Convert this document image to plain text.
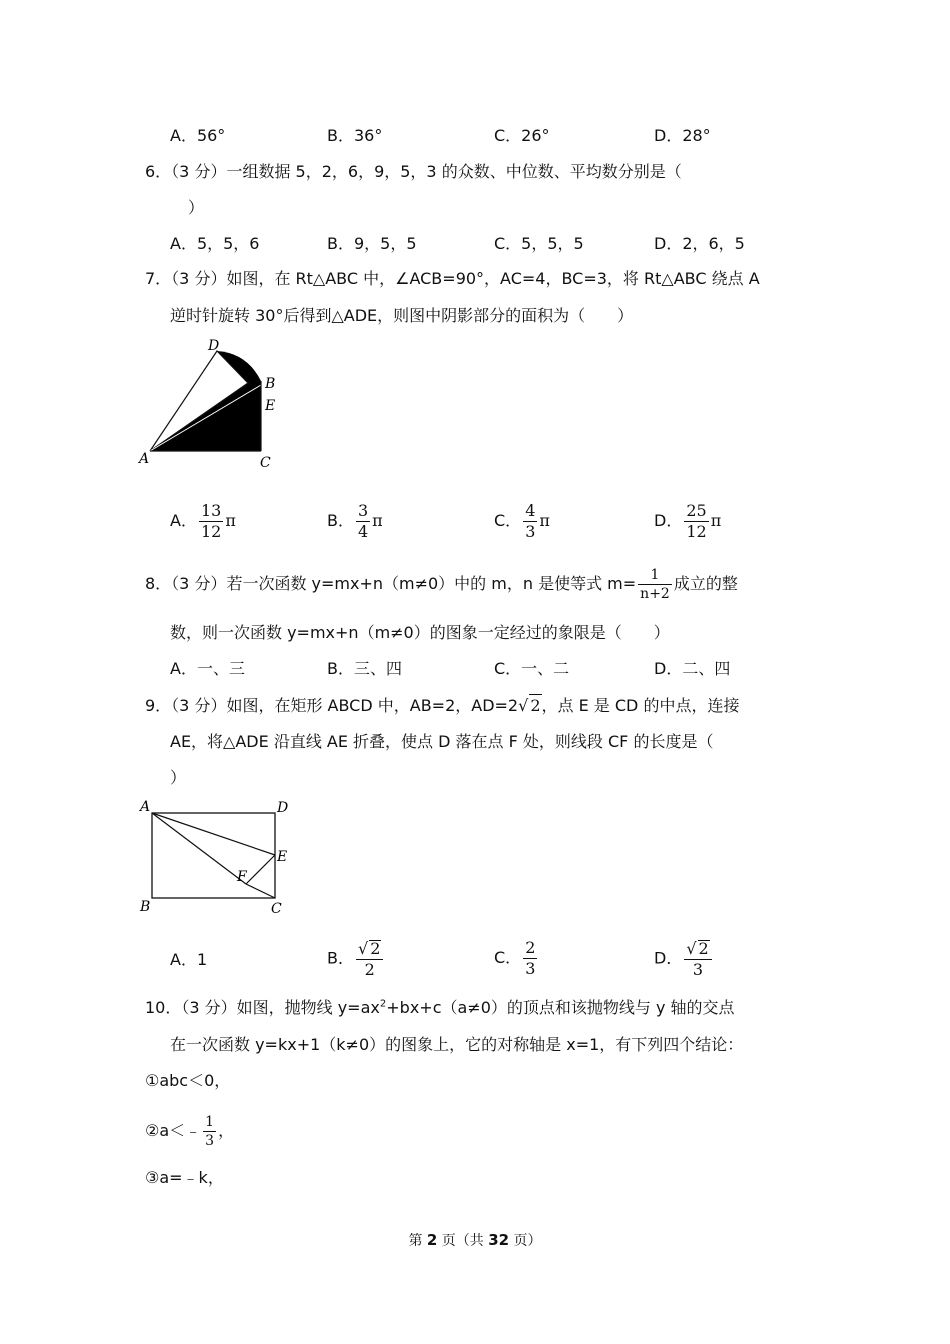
A．56°	B．36°	C．26°	D．28°
6．（3 分）一组数据 5，2，6，9，5，3 的众数、中位数、平均数分别是（
）
A．5，5，6	B．9，5，5	C．5，5，5	D．2，6，5
7．（3 分）如图，在 Rt△ABC 中，∠ACB=90°，AC=4，BC=3，将 Rt△ABC 绕点 A
逆时针旋转 30°后得到△ADE，则图中阴影部分的面积为（　　）
D
B
E
A	C
A． $\frac{13}{12}$ π	B． $\frac{3}{4}$ π	C． $\frac{4}{3}$ π	D． $\frac{25}{12}$ π
8．（3 分）若一次函数 y=mx+n（m≠0）中的 m，n 是使等式 $m= \frac{1}{n+2}$ 成立的整
数，则一次函数 y=mx+n（m≠0）的图象一定经过的象限是（　　）
A．一、三	B．三、四	C．一、二	D．二、四
9．（3 分）如图，在矩形 ABCD 中，AB=2，AD=2√ 2，点 E 是 CD 的中点，连接
AE，将△ADE 沿直线 AE 折叠，使点 D 落在点 F 处，则线段 CF 的长度是（
）
A	D
E
F
B	C
A．1	B． $\frac{√ 2}{2}$	C． $\frac{2}{3}$	D． $\frac{√ 2}{3}$
10．（3 分）如图，抛物线 $y=ax^2+bx+c(a\ne 0)$的顶点和该抛物线与 y 轴的交点
在一次函数 y=kx+1（k≠0）的图象上，它的对称轴是 x=1，有下列四个结论：
①abc＜0，
②a＜﹣ $\frac{1}{3}$ ，
③a=﹣k，
第 2 页（共 32 页）
